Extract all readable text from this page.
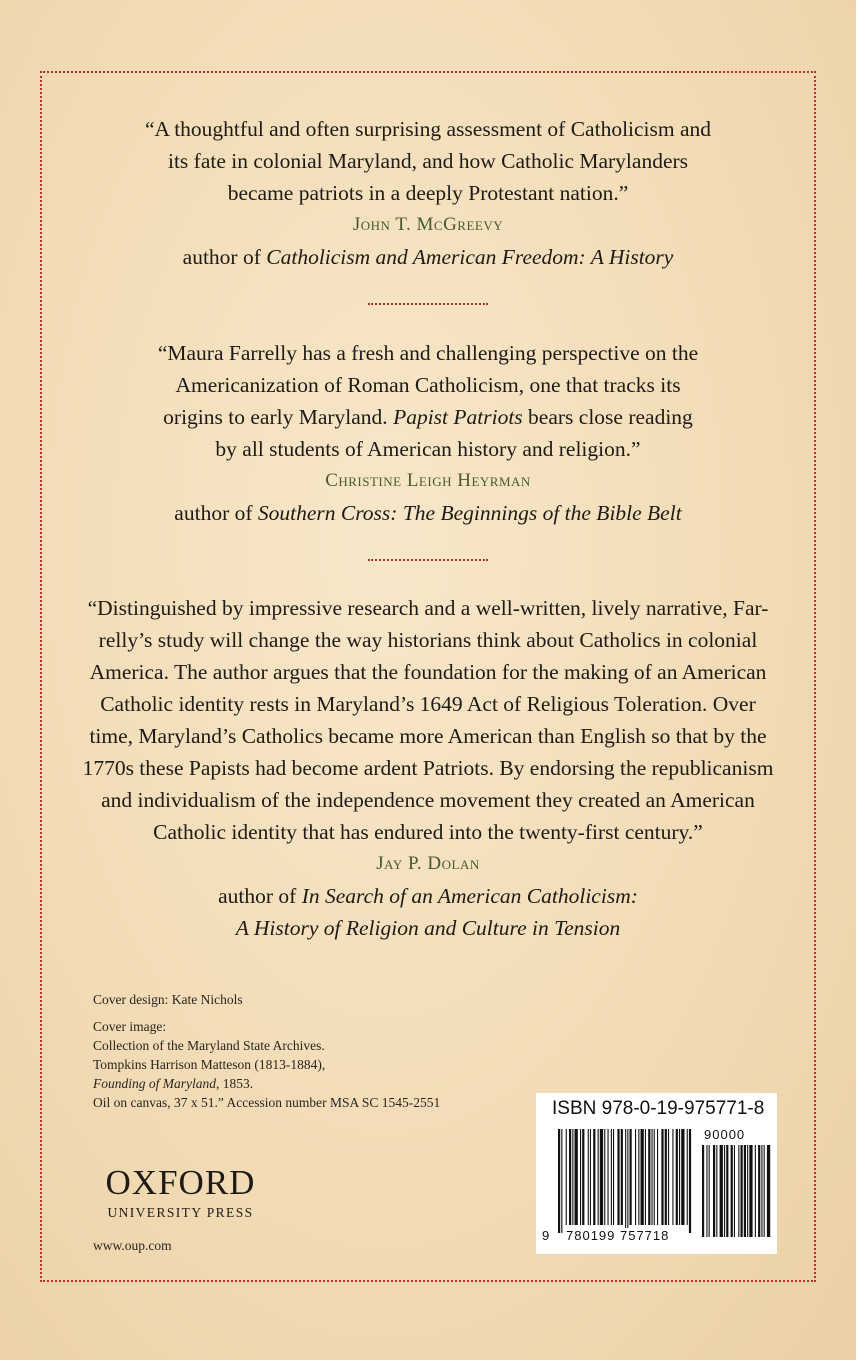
“A thoughtful and often surprising assessment of Catholicism and

its fate in colonial Maryland, and how Catholic Marylanders

became patriots in a deeply Protestant nation.”

John T. McGreevy
author of Catholicism and American Freedom: A History

“Maura Farrelly has a fresh and challenging perspective on the

Americanization of Roman Catholicism, one that tracks its

origins to early Maryland. Papist Patriots bears close reading

by all students of American history and religion.”

Christine Leigh Heyrman
author of Southern Cross: The Beginnings of the Bible Belt

“Distinguished by impressive research and a well-written, lively narrative, Far-

relly’s study will change the way historians think about Catholics in colonial

America. The author argues that the foundation for the making of an American

Catholic identity rests in Maryland’s 1649 Act of Religious Toleration. Over

time, Maryland’s Catholics became more American than English so that by the

1770s these Papists had become ardent Patriots. By endorsing the republicanism

and individualism of the independence movement they created an American

Catholic identity that has endured into the twenty-first century.”

Jay P. Dolan
author of In Search of an American Catholicism:
A History of Religion and Culture in Tension

Cover design: Kate Nichols

Cover image:

Collection of the Maryland State Archives.

Tompkins Harrison Matteson (1813-1884),

Founding of Maryland, 1853.

Oil on canvas, 37 x 51.” Accession number MSA SC 1545-2551

OXFORD
UNIVERSITY PRESS
www.oup.com
ISBN 978-0-19-975771-8
9 780199 757718
90000
